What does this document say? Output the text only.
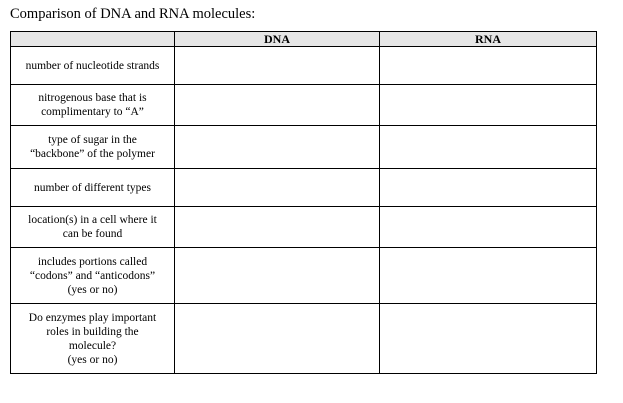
Comparison of DNA and RNA molecules:
	DNA	RNA

number of nucleotide strands		

nitrogenous base that is
complimentary to “A”		

type of sugar in the
“backbone” of the polymer		

number of different types		

location(s) in a cell where it
can be found		

includes portions called
“codons” and “anticodons”
(yes or no)		

Do enzymes play important
roles in building the
molecule?
(yes or no)		
